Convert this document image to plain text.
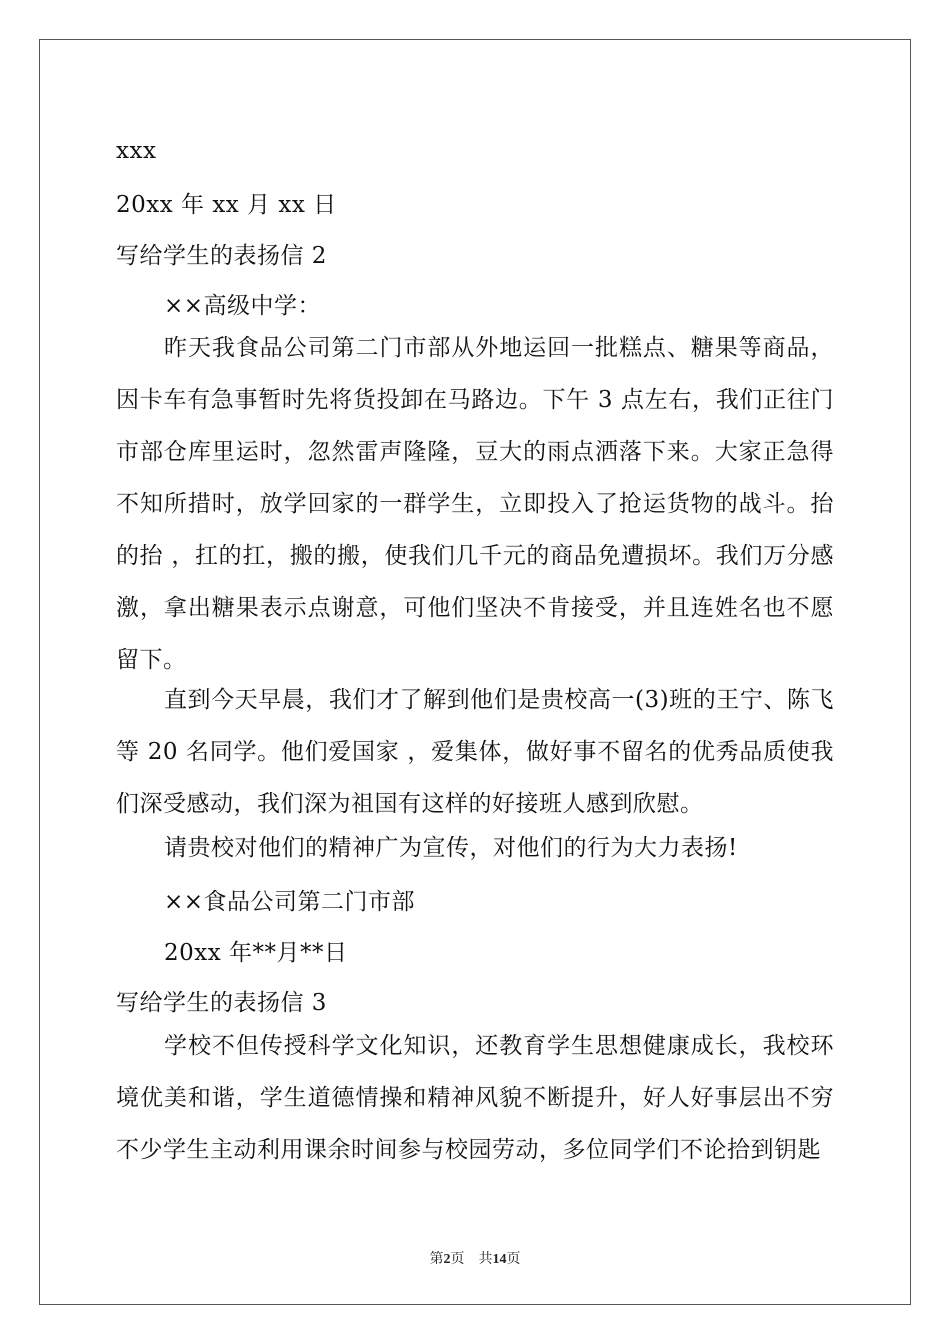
xxx
20xx 年 xx 月 xx 日
写给学生的表扬信 2
××高级中学：
昨天我食品公司第二门市部从外地运回一批糕点、糖果等商品，因卡车有急事暂时先将货投卸在马路边。下午 3 点左右，我们正往门市部仓库里运时，忽然雷声隆隆，豆大的雨点洒落下来。大家正急得不知所措时，放学回家的一群学生，立即投入了抢运货物的战斗。抬的抬 ，扛的扛，搬的搬，使我们几千元的商品免遭损坏。我们万分感激，拿出糖果表示点谢意，可他们坚决不肯接受，并且连姓名也不愿留下。
直到今天早晨，我们才了解到他们是贵校高一(3)班的王宁、陈飞等 20 名同学。他们爱国家 ，爱集体，做好事不留名的优秀品质使我们深受感动，我们深为祖国有这样的好接班人感到欣慰。
请贵校对他们的精神广为宣传，对他们的行为大力表扬!
××食品公司第二门市部
20xx 年**月**日
写给学生的表扬信 3
学校不但传授科学文化知识，还教育学生思想健康成长，我校环境优美和谐，学生道德情操和精神风貌不断提升，好人好事层出不穷不少学生主动利用课余时间参与校园劳动，多位同学们不论拾到钥匙
第2页　共14页
